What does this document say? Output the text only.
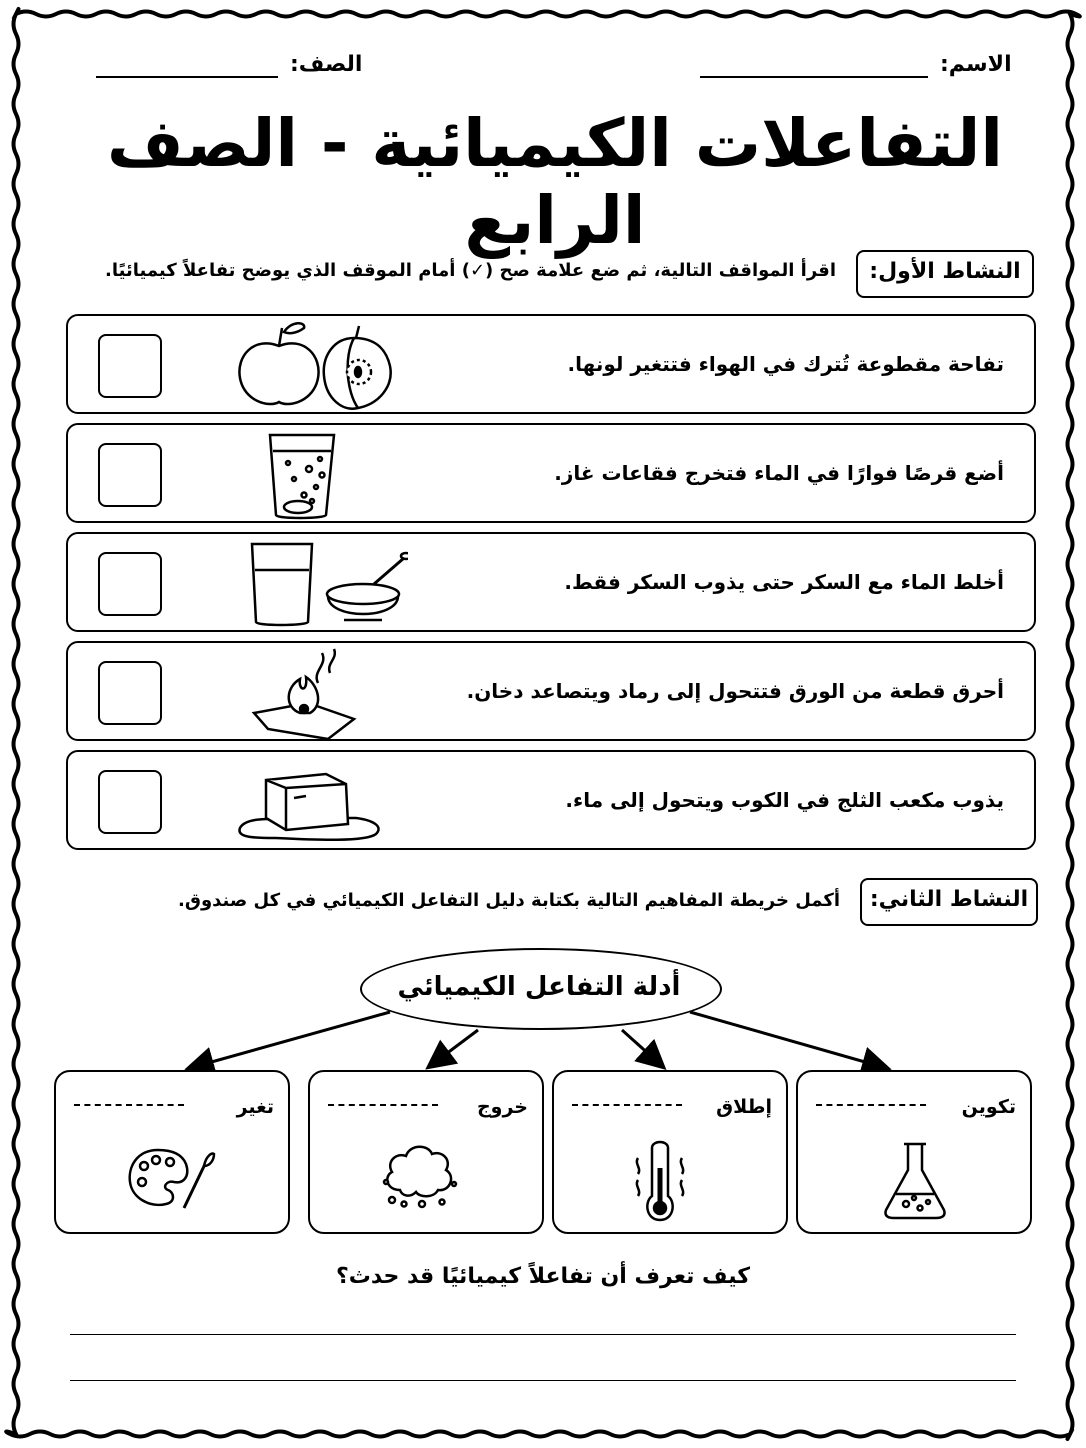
الاسم:
الصف:
التفاعلات الكيميائية - الصف الرابع
النشاط الأول:
اقرأ المواقف التالية، ثم ضع علامة صح (✓) أمام الموقف الذي يوضح تفاعلاً كيميائيًا.
تفاحة مقطوعة تُترك في الهواء فتتغير لونها.
أضع قرصًا فوارًا في الماء فتخرج فقاعات غاز.
أخلط الماء مع السكر حتى يذوب السكر فقط.
أحرق قطعة من الورق فتتحول إلى رماد ويتصاعد دخان.
يذوب مكعب الثلج في الكوب ويتحول إلى ماء.
النشاط الثاني:
أكمل خريطة المفاهيم التالية بكتابة دليل التفاعل الكيميائي في كل صندوق.
أدلة التفاعل الكيميائي
تغير	خروج	إطلاق	تكوين
كيف تعرف أن تفاعلاً كيميائيًا قد حدث؟
